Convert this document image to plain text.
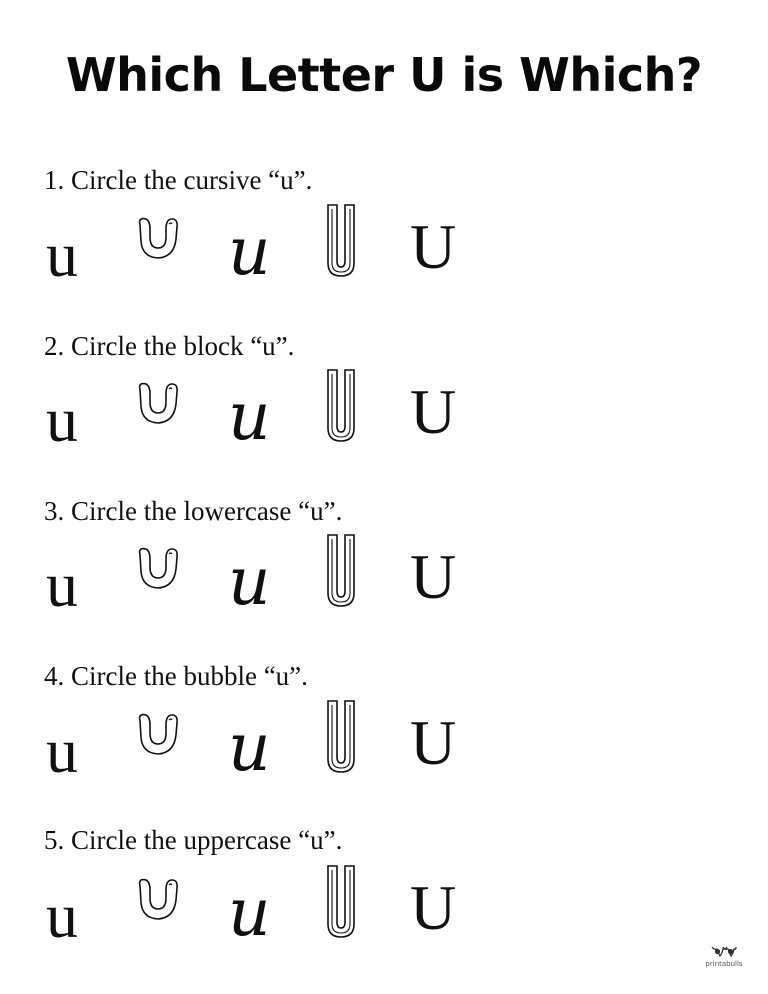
Which Letter U is Which?
1. Circle the cursive “u”.
u u U
2. Circle the block “u”.
u u U
3. Circle the lowercase “u”.
u u U
4. Circle the bubble “u”.
u u U
5. Circle the uppercase “u”.
u u U
printabulls
